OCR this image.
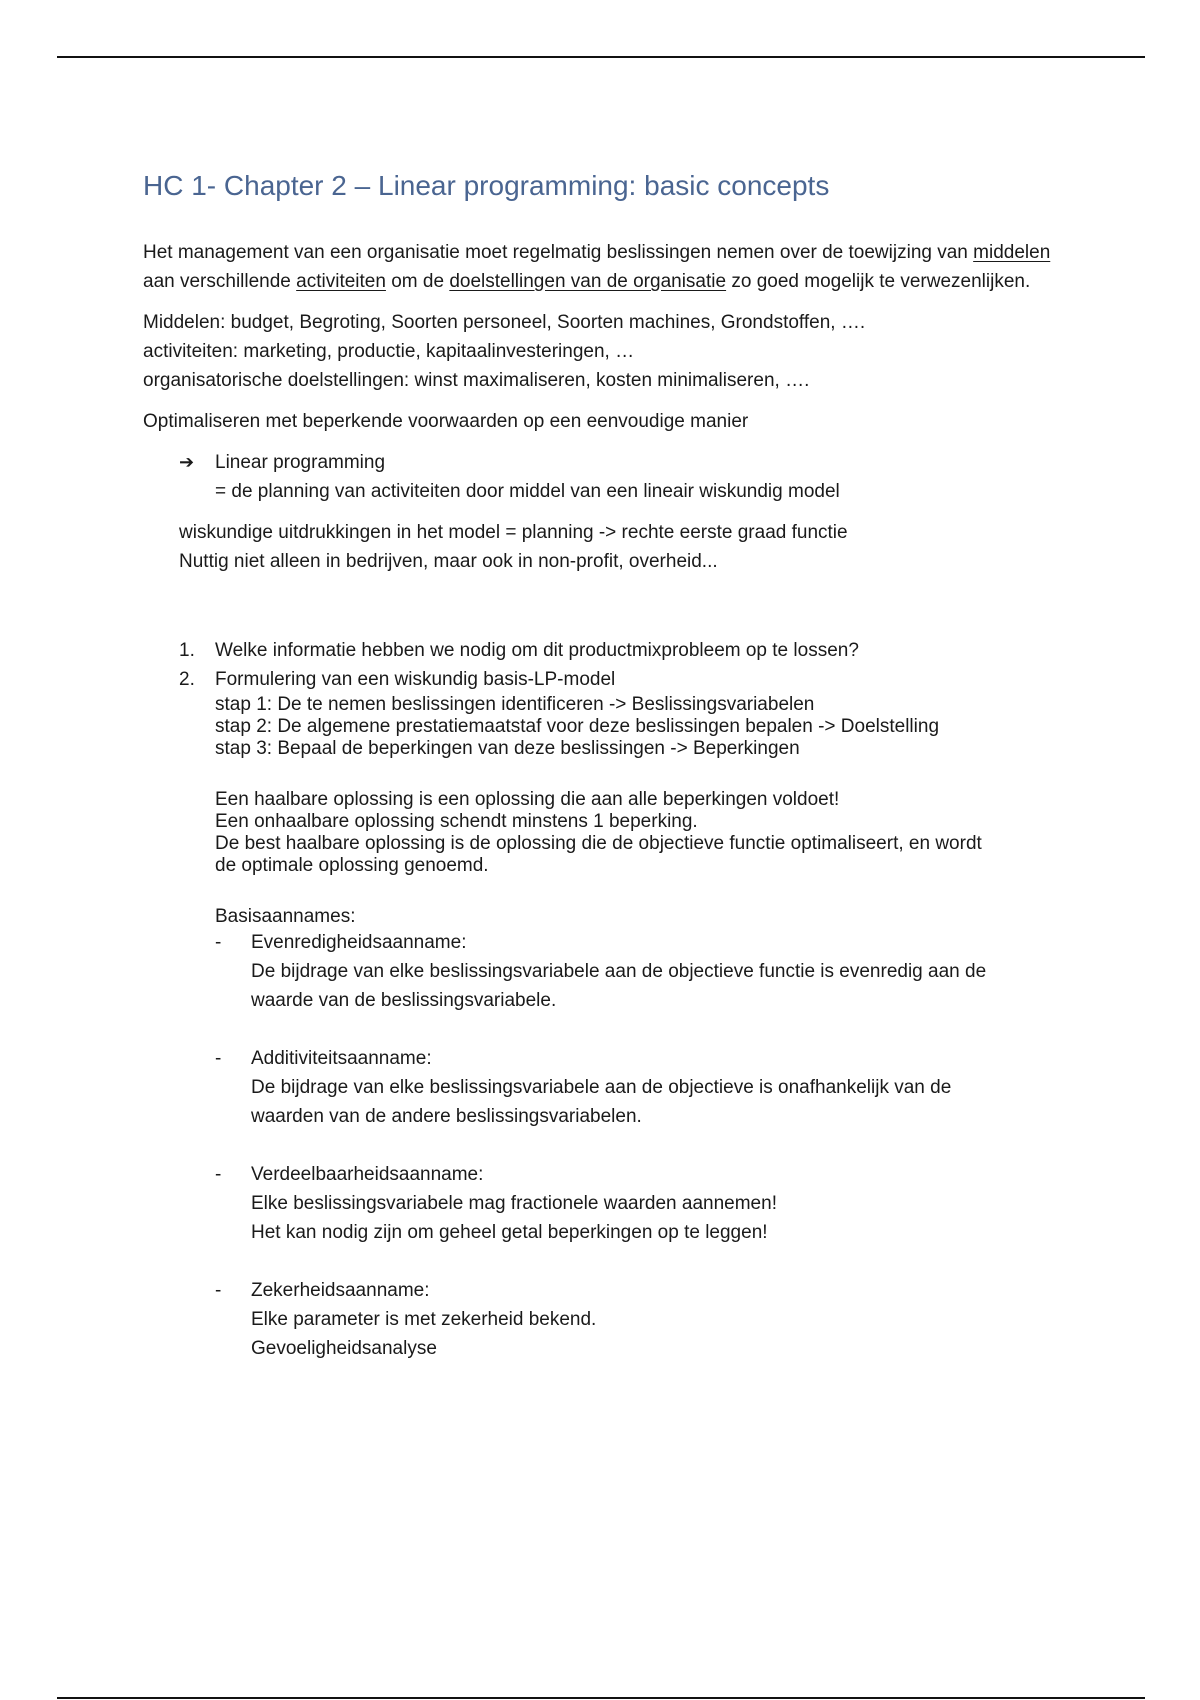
HC 1- Chapter 2 – Linear programming: basic concepts

Het management van een organisatie moet regelmatig beslissingen nemen over de toewijzing van middelen aan verschillende activiteiten om de doelstellingen van de organisatie zo goed mogelijk te verwezenlijken.

Middelen: budget, Begroting, Soorten personeel, Soorten machines, Grondstoffen, ….
activiteiten: marketing, productie, kapitaalinvesteringen, …
organisatorische doelstellingen: winst maximaliseren, kosten minimaliseren, ….

Optimaliseren met beperkende voorwaarden op een eenvoudige manier

➔	Linear programming
= de planning van activiteiten door middel van een lineair wiskundig model

wiskundige uitdrukkingen in het model = planning -> rechte eerste graad functie
Nuttig niet alleen in bedrijven, maar ook in non-profit, overheid...

1.	Welke informatie hebben we nodig om dit productmixprobleem op te lossen?
2.	Formulering van een wiskundig basis-LP-model
stap 1: De te nemen beslissingen identificeren -> Beslissingsvariabelen
stap 2: De algemene prestatiemaatstaf voor deze beslissingen bepalen -> Doelstelling
stap 3: Bepaal de beperkingen van deze beslissingen -> Beperkingen
Een haalbare oplossing is een oplossing die aan alle beperkingen voldoet!
Een onhaalbare oplossing schendt minstens 1 beperking.
De best haalbare oplossing is de oplossing die de objectieve functie optimaliseert, en wordt
de optimale oplossing genoemd.
Basisaannames:
-	Evenredigheidsaanname:
De bijdrage van elke beslissingsvariabele aan de objectieve functie is evenredig aan de
waarde van de beslissingsvariabele.
-	Additiviteitsaanname:
De bijdrage van elke beslissingsvariabele aan de objectieve is onafhankelijk van de
waarden van de andere beslissingsvariabelen.
-	Verdeelbaarheidsaanname:
Elke beslissingsvariabele mag fractionele waarden aannemen!
Het kan nodig zijn om geheel getal beperkingen op te leggen!
-	Zekerheidsaanname:
Elke parameter is met zekerheid bekend.
Gevoeligheidsanalyse
